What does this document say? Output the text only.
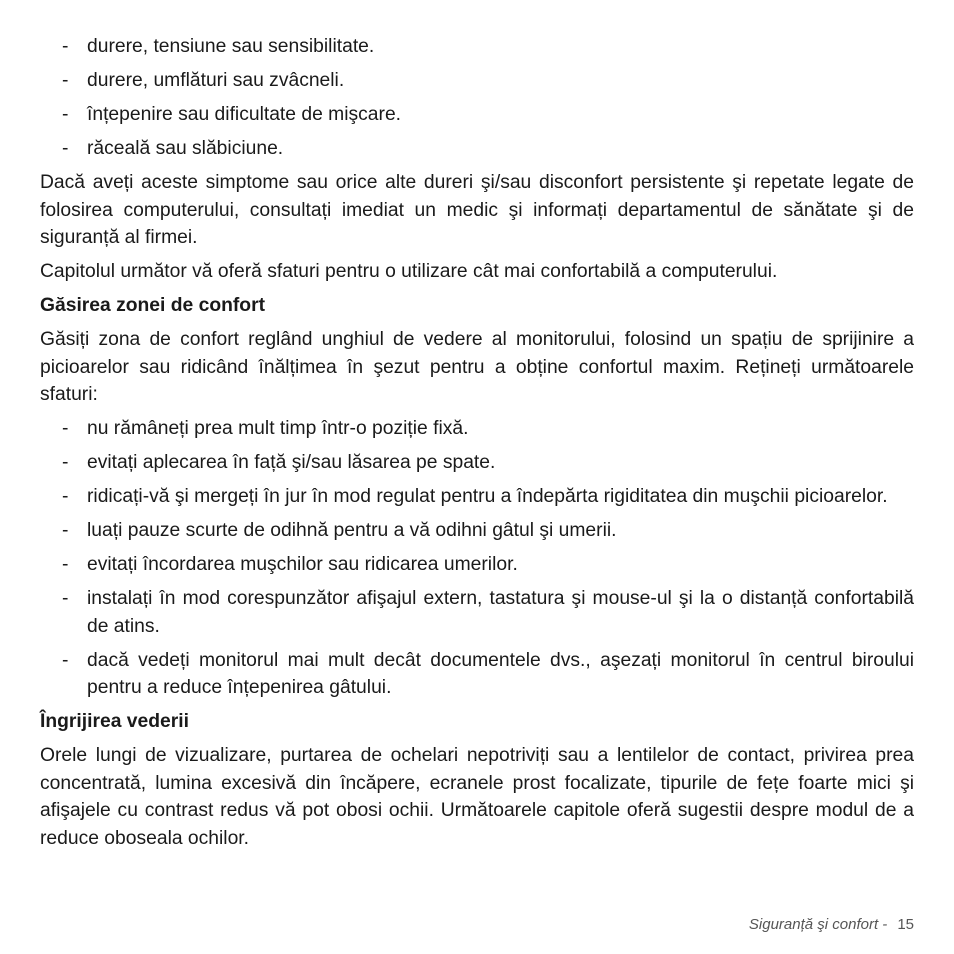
- durere, tensiune sau sensibilitate.
- durere, umflături sau zvâcneli.
- înțepenire sau dificultate de mişcare.
- răceală sau slăbiciune.

Dacă aveți aceste simptome sau orice alte dureri şi/sau disconfort persistente şi repetate legate de folosirea computerului, consultați imediat un medic şi informați departamentul de sănătate şi de siguranță al firmei.

Capitolul următor vă oferă sfaturi pentru o utilizare cât mai confortabilă a computerului.

Găsirea zonei de confort

Găsiți zona de confort reglând unghiul de vedere al monitorului, folosind un spațiu de sprijinire a picioarelor sau ridicând înălțimea în şezut pentru a obține confortul maxim. Rețineți următoarele sfaturi:

- nu rămâneți prea mult timp într-o poziție fixă.
- evitați aplecarea în față şi/sau lăsarea pe spate.
- ridicați-vă şi mergeți în jur în mod regulat pentru a îndepărta rigiditatea din muşchii picioarelor.
- luați pauze scurte de odihnă pentru a vă odihni gâtul şi umerii.
- evitați încordarea muşchilor sau ridicarea umerilor.
- instalați în mod corespunzător afişajul extern, tastatura şi mouse-ul şi la o distanță confortabilă de atins.
- dacă vedeți monitorul mai mult decât documentele dvs., aşezați monitorul în centrul biroului pentru a reduce înțepenirea gâtului.
Îngrijirea vederii

Orele lungi de vizualizare, purtarea de ochelari nepotriviți sau a lentilelor de contact, privirea prea concentrată, lumina excesivă din încăpere, ecranele prost focalizate, tipurile de fețe foarte mici şi afişajele cu contrast redus vă pot obosi ochii. Următoarele capitole oferă sugestii despre modul de a reduce oboseala ochilor.

Siguranță şi confort - 15
